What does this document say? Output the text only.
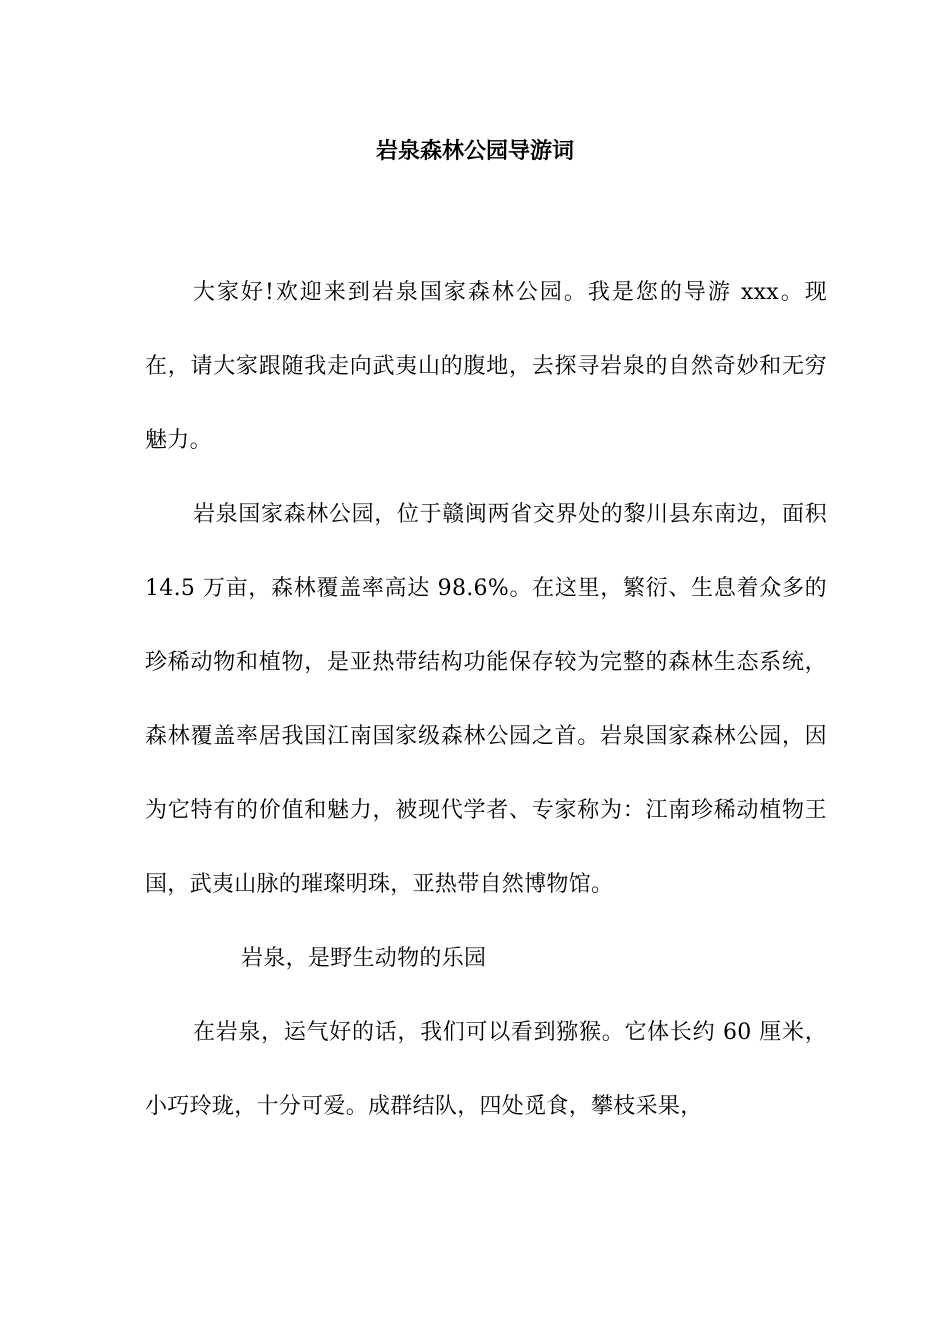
岩泉森林公园导游词

大家好!欢迎来到岩泉国家森林公园。我是您的导游 xxx。现在，请大家跟随我走向武夷山的腹地，去探寻岩泉的自然奇妙和无穷魅力。

岩泉国家森林公园，位于赣闽两省交界处的黎川县东南边，面积 14.5 万亩，森林覆盖率高达 98.6%。在这里，繁衍、生息着众多的珍稀动物和植物，是亚热带结构功能保存较为完整的森林生态系统，森林覆盖率居我国江南国家级森林公园之首。岩泉国家森林公园，因为它特有的价值和魅力，被现代学者、专家称为：江南珍稀动植物王国，武夷山脉的璀璨明珠，亚热带自然博物馆。

岩泉，是野生动物的乐园

在岩泉，运气好的话，我们可以看到猕猴。它体长约 60 厘米，小巧玲珑，十分可爱。成群结队，四处觅食，攀枝采果，
